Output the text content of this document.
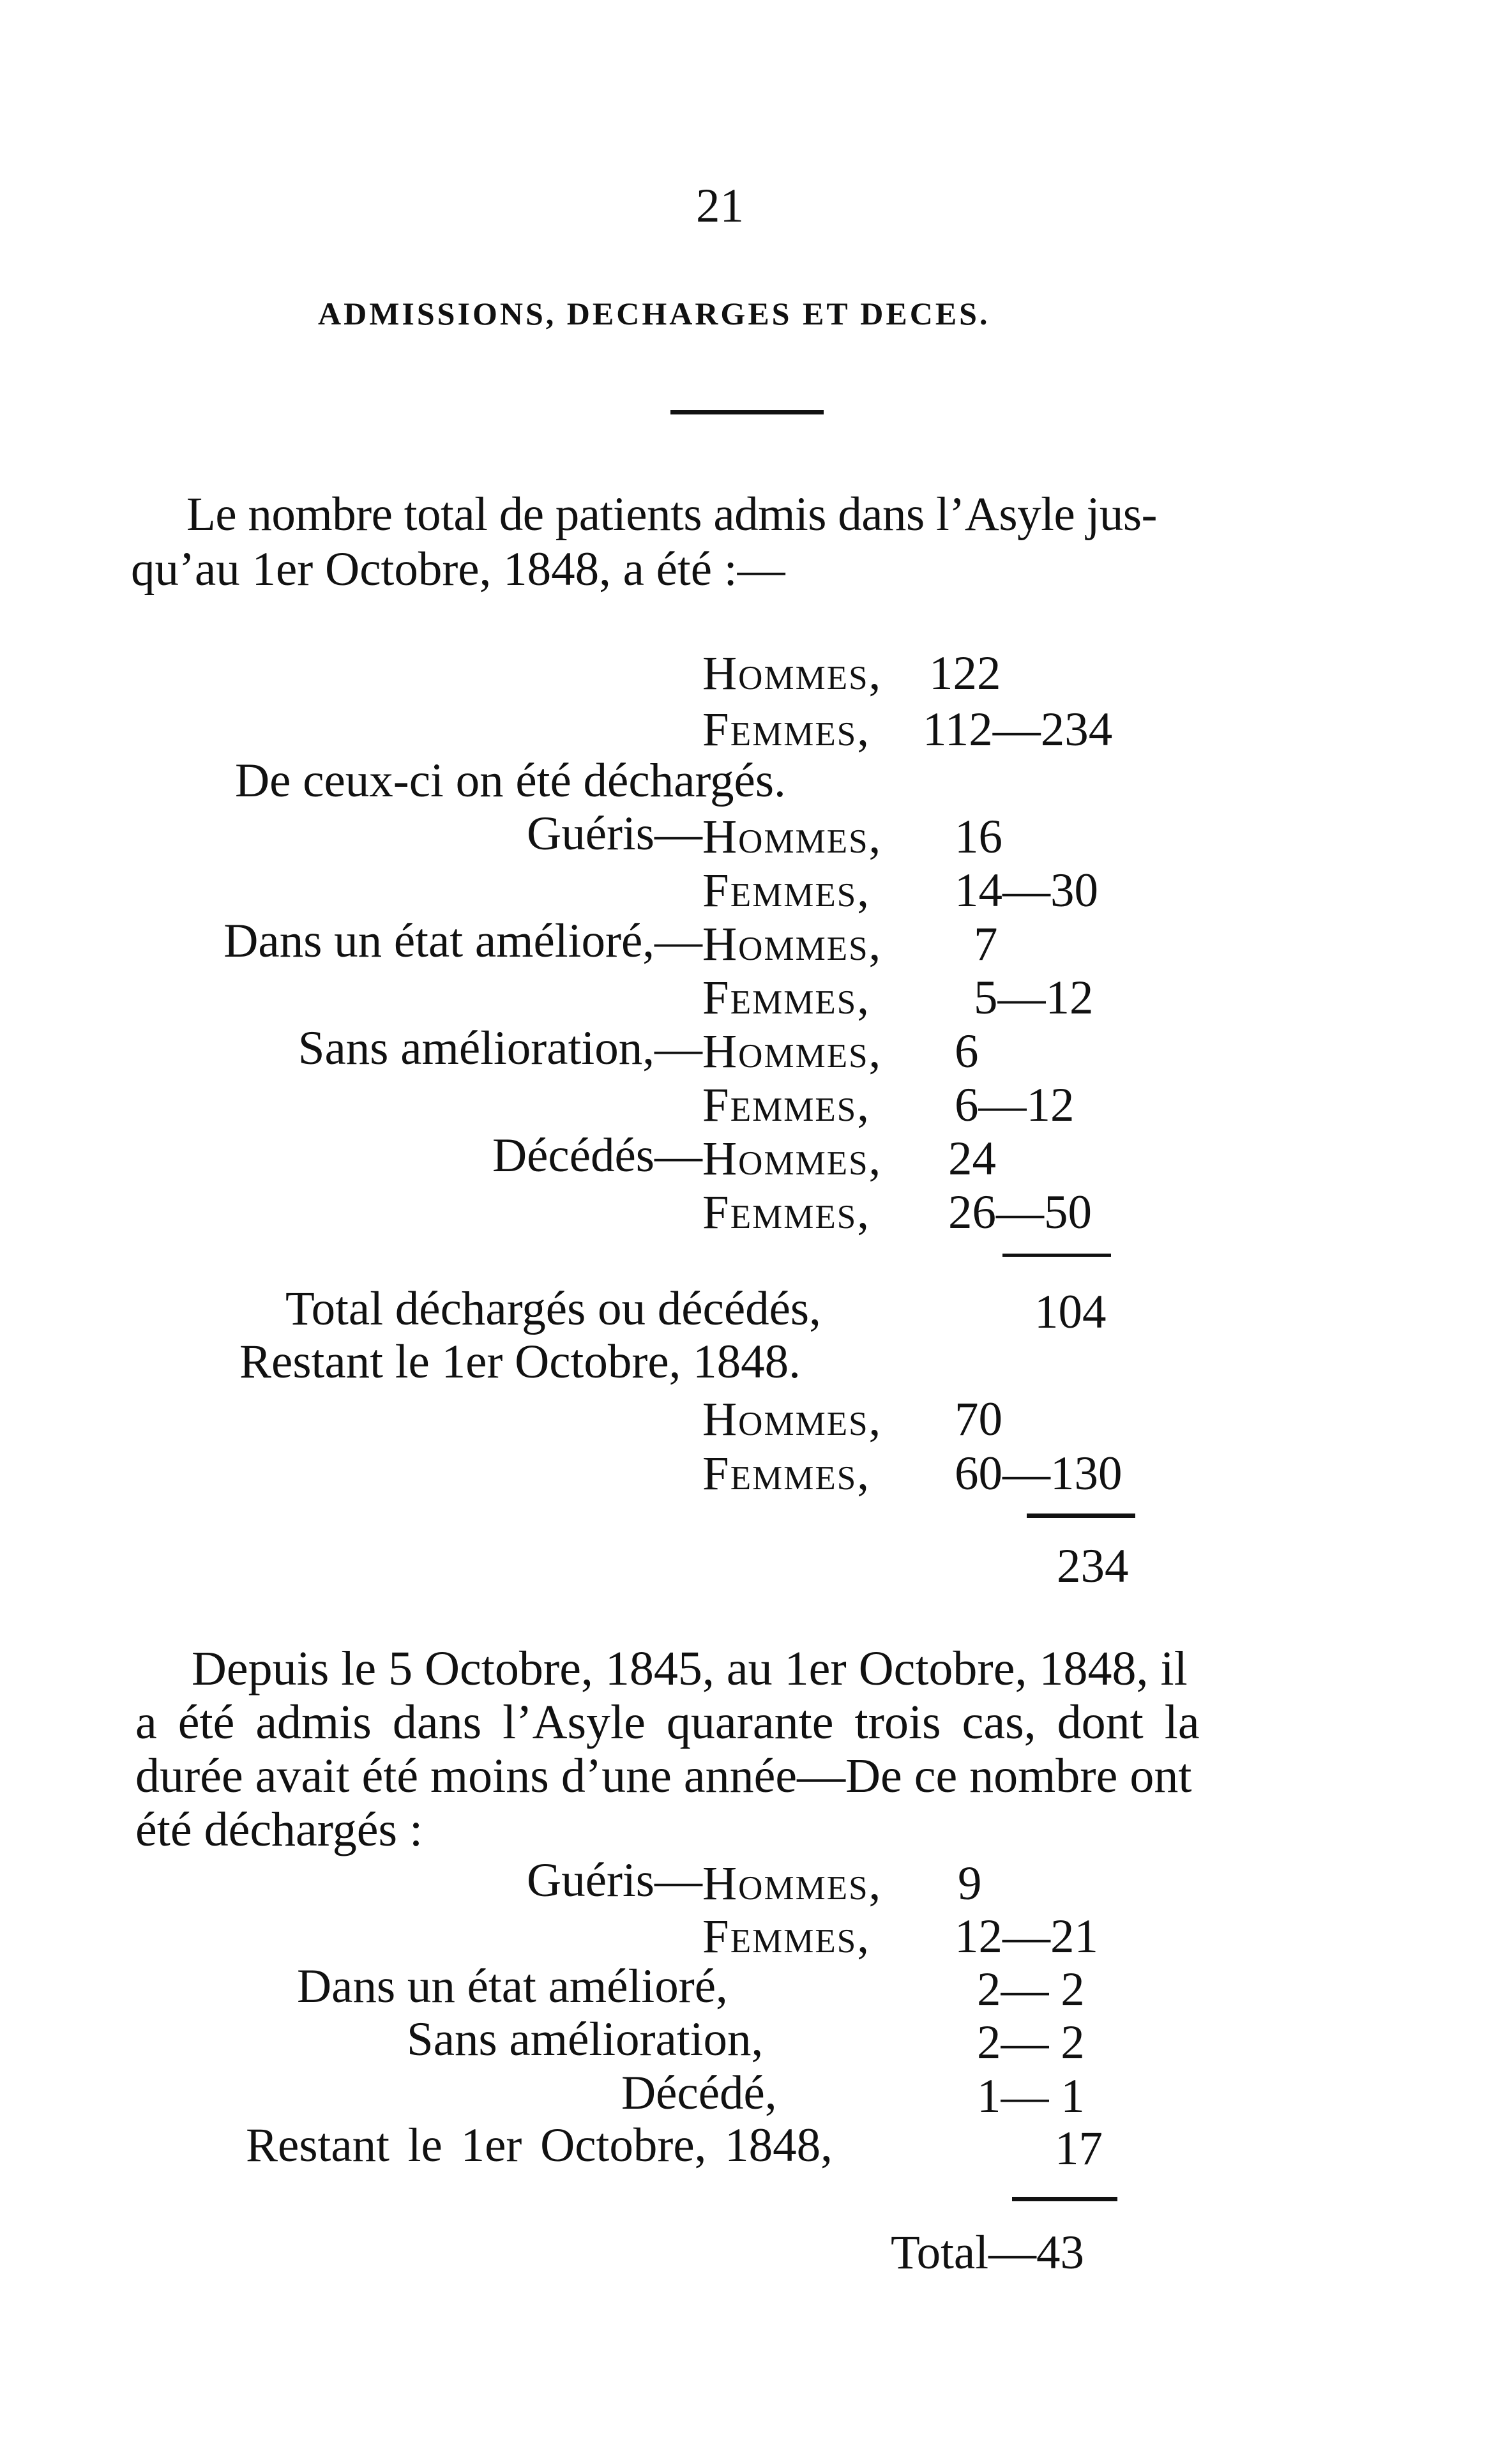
21
ADMISSIONS, DECHARGES ET DECES.
Le nombre total de patients admis dans l’Asyle jus-
qu’au 1er Octobre, 1848, a été :—
Hommes, 122
Femmes, 112—234
De ceux-ci on été déchargés.
Guéris— Hommes, 16
Femmes, 14—30
Dans un état amélioré,— Hommes, 7
Femmes, 5—12
Sans amélioration,— Hommes, 6
Femmes, 6—12
Décédés— Hommes, 24
Femmes, 26—50
Total déchargés ou décédés,	104
Restant le 1er Octobre, 1848.
Hommes, 70
Femmes, 60—130
234
Depuis le 5 Octobre, 1845, au 1er Octobre, 1848, il
a été admis dans l’Asyle quarante trois cas, dont la
durée avait été moins d’une année—De ce nombre ont
été déchargés :
Guéris— Hommes, 9
Femmes, 12—21
Dans un état amélioré,	2— 2
Sans amélioration,	2— 2
Décédé,	1— 1
Restant le 1er Octobre, 1848,	17
Total—43
